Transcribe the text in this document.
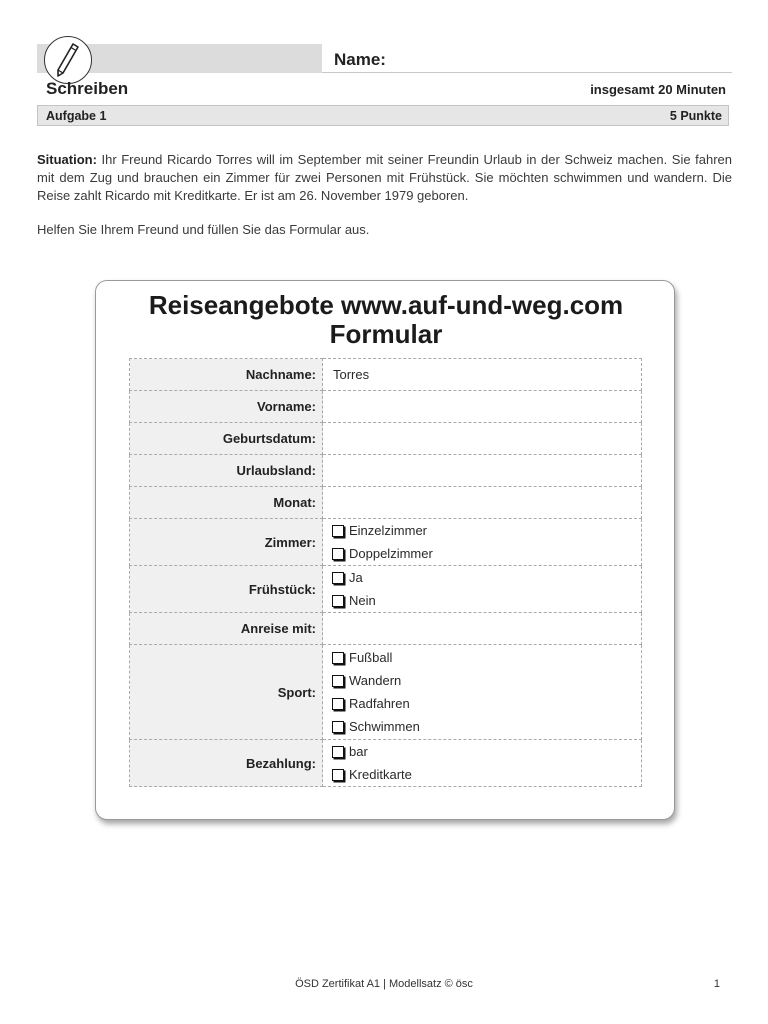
Name:
Schreiben	insgesamt 20 Minuten
Aufgabe 1	5 Punkte
Situation: Ihr Freund Ricardo Torres will im September mit seiner Freundin Urlaub in der Schweiz machen. Sie fahren mit dem Zug und brauchen ein Zimmer für zwei Personen mit Frühstück. Sie möchten schwimmen und wandern. Die Reise zahlt Ricardo mit Kreditkarte. Er ist am 26. November 1979 geboren.
Helfen Sie Ihrem Freund und füllen Sie das Formular aus.
Reiseangebote www.auf-und-weg.com
Formular
Nachname:	Torres
Vorname:	
Geburtsdatum:	
Urlaubsland:	
Monat:	
Zimmer:	Einzelzimmer
Doppelzimmer

Frühstück:	Ja
Nein

Anreise mit:	
Sport:	Fußball
Wandern
Radfahren
Schwimmen

Bezahlung:	bar
Kreditkarte
ÖSD Zertifikat A1 | Modellsatz © ösc	1
